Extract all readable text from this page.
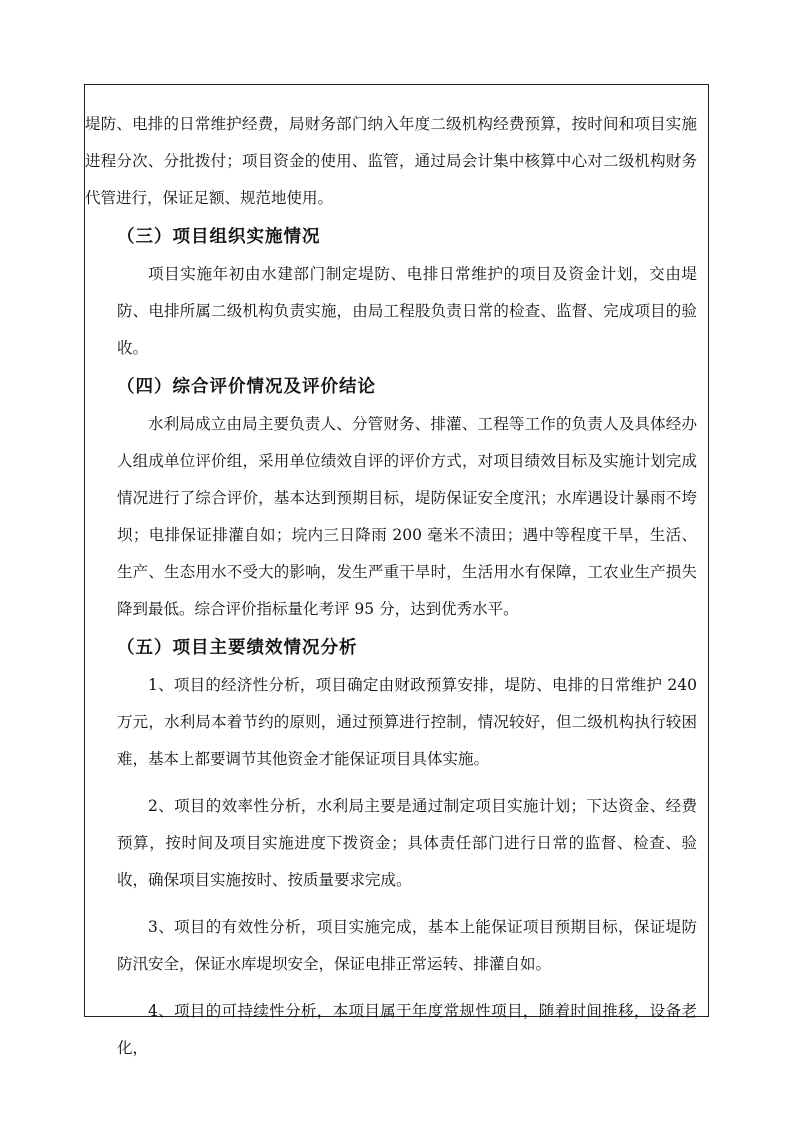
堤防、电排的日常维护经费，局财务部门纳入年度二级机构经费预算，按时间和项目实施进程分次、分批拨付；项目资金的使用、监管，通过局会计集中核算中心对二级机构财务代管进行，保证足额、规范地使用。

（三）项目组织实施情况

项目实施年初由水建部门制定堤防、电排日常维护的项目及资金计划，交由堤防、电排所属二级机构负责实施，由局工程股负责日常的检查、监督、完成项目的验收。

（四）综合评价情况及评价结论

水利局成立由局主要负责人、分管财务、排灌、工程等工作的负责人及具体经办人组成单位评价组，采用单位绩效自评的评价方式，对项目绩效目标及实施计划完成情况进行了综合评价，基本达到预期目标，堤防保证安全度汛；水库遇设计暴雨不垮坝；电排保证排灌自如；垸内三日降雨 200 毫米不渍田；遇中等程度干旱，生活、生产、生态用水不受大的影响，发生严重干旱时，生活用水有保障，工农业生产损失降到最低。综合评价指标量化考评 95 分，达到优秀水平。

（五）项目主要绩效情况分析

1、项目的经济性分析，项目确定由财政预算安排，堤防、电排的日常维护 240 万元，水利局本着节约的原则，通过预算进行控制，情况较好，但二级机构执行较困难，基本上都要调节其他资金才能保证项目具体实施。

2、项目的效率性分析，水利局主要是通过制定项目实施计划；下达资金、经费预算，按时间及项目实施进度下拨资金；具体责任部门进行日常的监督、检查、验收，确保项目实施按时、按质量要求完成。

3、项目的有效性分析，项目实施完成，基本上能保证项目预期目标，保证堤防防汛安全，保证水库堤坝安全，保证电排正常运转、排灌自如。

4、项目的可持续性分析，本项目属于年度常规性项目，随着时间推移，设备老化，
